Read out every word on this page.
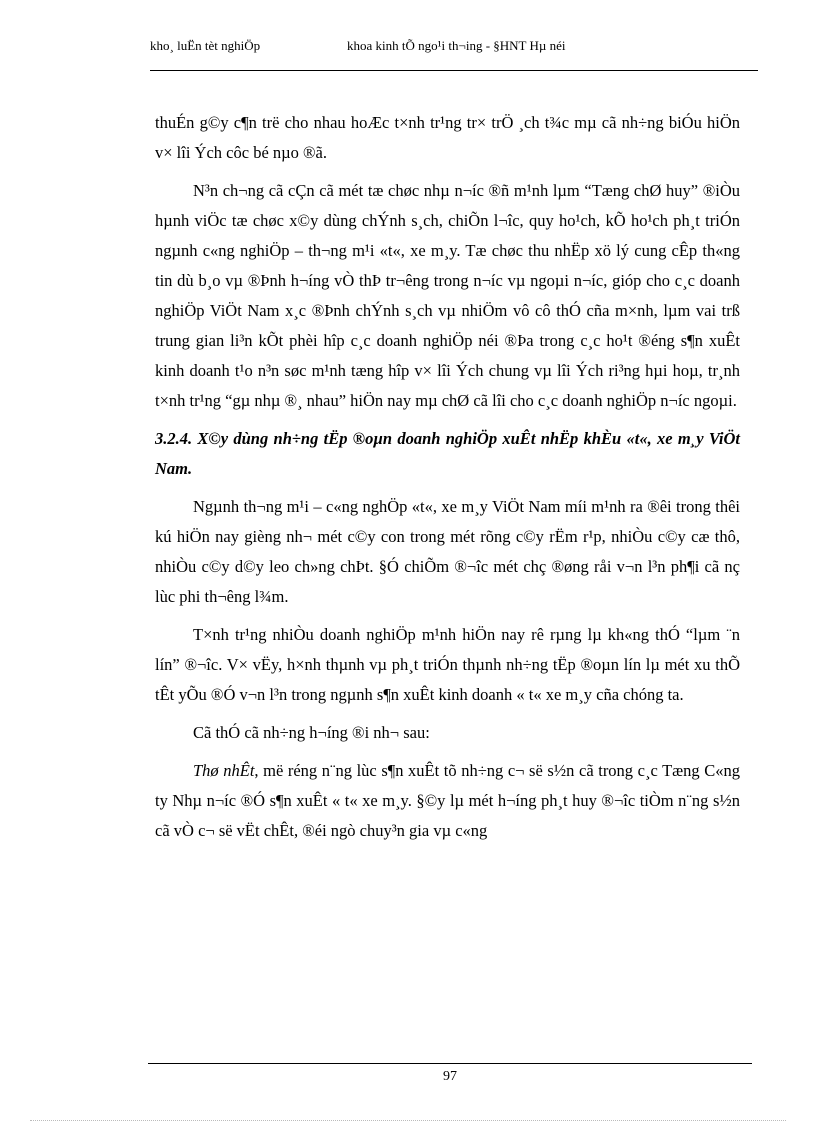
kho¸ luËn tèt nghiÖp	khoa kinh tÕ ngo¹i th¬ing - §HNT Hµ néi

thuÉn g©y c¶n trë cho nhau hoÆc t×nh tr¹ng tr× trÖ ¸ch t¾c mµ cã nh÷ng biÓu hiÖn v× lîi Ých côc bé nµo ®ã.

N³n ch¬ng cã cÇn cã mét tæ chøc nhµ n¬íc ®ñ m¹nh lµm “Tæng chØ huy” ®iÒu hµnh viÖc tæ chøc x©y dùng chÝnh s¸ch, chiÕn l¬îc, quy ho¹ch, kÕ ho¹ch ph¸t triÓn ngµnh c«ng nghiÖp – th¬ng m¹i «t«, xe m¸y. Tæ chøc thu nhËp xö lý cung cÊp th«ng tin dù b¸o vµ ®Þnh h¬íng vÒ thÞ tr¬êng trong n¬íc vµ ngoµi n¬íc, gióp cho c¸c doanh nghiÖp ViÖt Nam x¸c ®Þnh chÝnh s¸ch vµ nhiÖm vô cô thÓ cña m×nh, lµm vai trß trung gian li³n kÕt phèi hîp c¸c doanh nghiÖp néi ®Þa trong c¸c ho¹t ®éng s¶n xuÊt kinh doanh t¹o n³n søc m¹nh tæng hîp v× lîi Ých chung vµ lîi Ých ri³ng hµi hoµ, tr¸nh t×nh tr¹ng “gµ nhµ ®¸ nhau” hiÖn nay mµ chØ cã lîi cho c¸c doanh nghiÖp n¬íc ngoµi.

3.2.4. X©y dùng nh÷ng tËp ®oµn doanh nghiÖp xuÊt nhËp khÈu «t«, xe m¸y ViÖt Nam.

Ngµnh th¬ng m¹i – c«ng nghÖp «t«, xe m¸y ViÖt Nam míi m¹nh ra ®êi trong thêi kú hiÖn nay gièng nh¬ mét c©y con trong mét rõng c©y rËm r¹p, nhiÒu c©y cæ thô, nhiÒu c©y d©y leo ch»ng chÞt. §Ó chiÕm ®¬îc mét chç ®øng råi v¬n l³n ph¶i cã nç lùc phi th¬êng l¾m.

T×nh tr¹ng nhiÒu doanh nghiÖp m¹nh hiÖn nay rê rµng lµ kh«ng thÓ “lµm ¨n lín” ®¬îc. V× vËy, h×nh thµnh vµ ph¸t triÓn thµnh nh÷ng tËp ®oµn lín lµ mét xu thÕ tÊt yÕu ®Ó v¬n l³n trong ngµnh s¶n xuÊt kinh doanh « t« xe m¸y cña chóng ta.

Cã thÓ cã nh÷ng h¬íng ®i nh¬ sau:

Thø nhÊt, më réng n¨ng lùc s¶n xuÊt tõ nh÷ng c¬ së s½n cã trong c¸c Tæng C«ng ty Nhµ n¬íc ®Ó s¶n xuÊt « t« xe m¸y. §©y lµ mét h¬íng ph¸t huy ®¬îc tiÒm n¨ng s½n cã vÒ c¬ së vËt chÊt, ®éi ngò chuy³n gia vµ c«ng

97
